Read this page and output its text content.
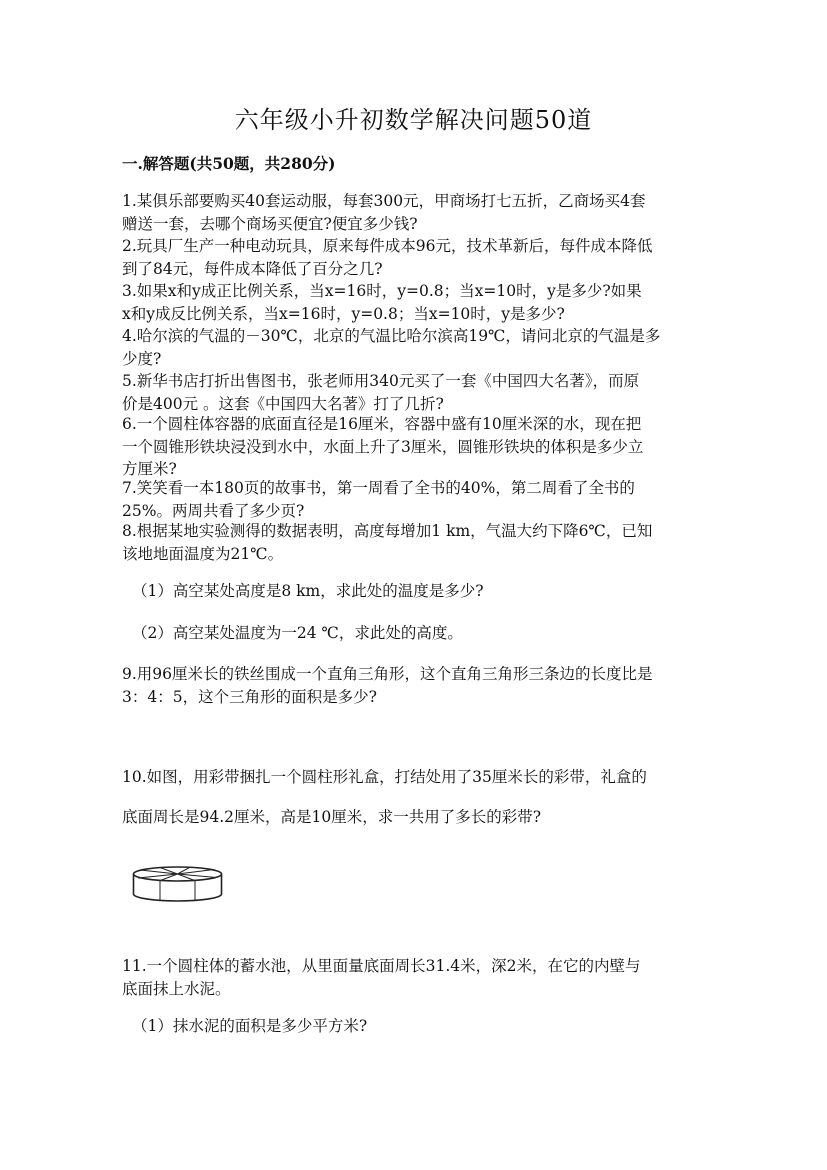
六年级小升初数学解决问题50道
一.解答题(共50题，共280分)
1.某俱乐部要购买40套运动服，每套300元，甲商场打七五折，乙商场买4套
赠送一套，去哪个商场买便宜?便宜多少钱?
2.玩具厂生产一种电动玩具，原来每件成本96元，技术革新后，每件成本降低
到了84元，每件成本降低了百分之几?
3.如果x和y成正比例关系，当x=16时，y=0.8；当x=10时，y是多少?如果
x和y成反比例关系，当x=16时，y=0.8；当x=10时，y是多少?
4.哈尔滨的气温的－30℃，北京的气温比哈尔滨高19℃，请问北京的气温是多
少度?
5.新华书店打折出售图书，张老师用340元买了一套《中国四大名著》，而原
价是400元 。这套《中国四大名著》打了几折?
6.一个圆柱体容器的底面直径是16厘米，容器中盛有10厘米深的水，现在把
一个圆锥形铁块浸没到水中，水面上升了3厘米，圆锥形铁块的体积是多少立
方厘米?
7.笑笑看一本180页的故事书，第一周看了全书的40%，第二周看了全书的
25%。两周共看了多少页?
8.根据某地实验测得的数据表明，高度每增加1 km，气温大约下降6℃，已知
该地地面温度为21℃。
（1）高空某处高度是8 km，求此处的温度是多少?
（2）高空某处温度为一24 ℃，求此处的高度。
9.用96厘米长的铁丝围成一个直角三角形，这个直角三角形三条边的长度比是
3：4：5，这个三角形的面积是多少?
10.如图，用彩带捆扎一个圆柱形礼盒，打结处用了35厘米长的彩带，礼盒的
底面周长是94.2厘米，高是10厘米，求一共用了多长的彩带?
11.一个圆柱体的蓄水池，从里面量底面周长31.4米，深2米，在它的内壁与
底面抹上水泥。
（1）抹水泥的面积是多少平方米?
